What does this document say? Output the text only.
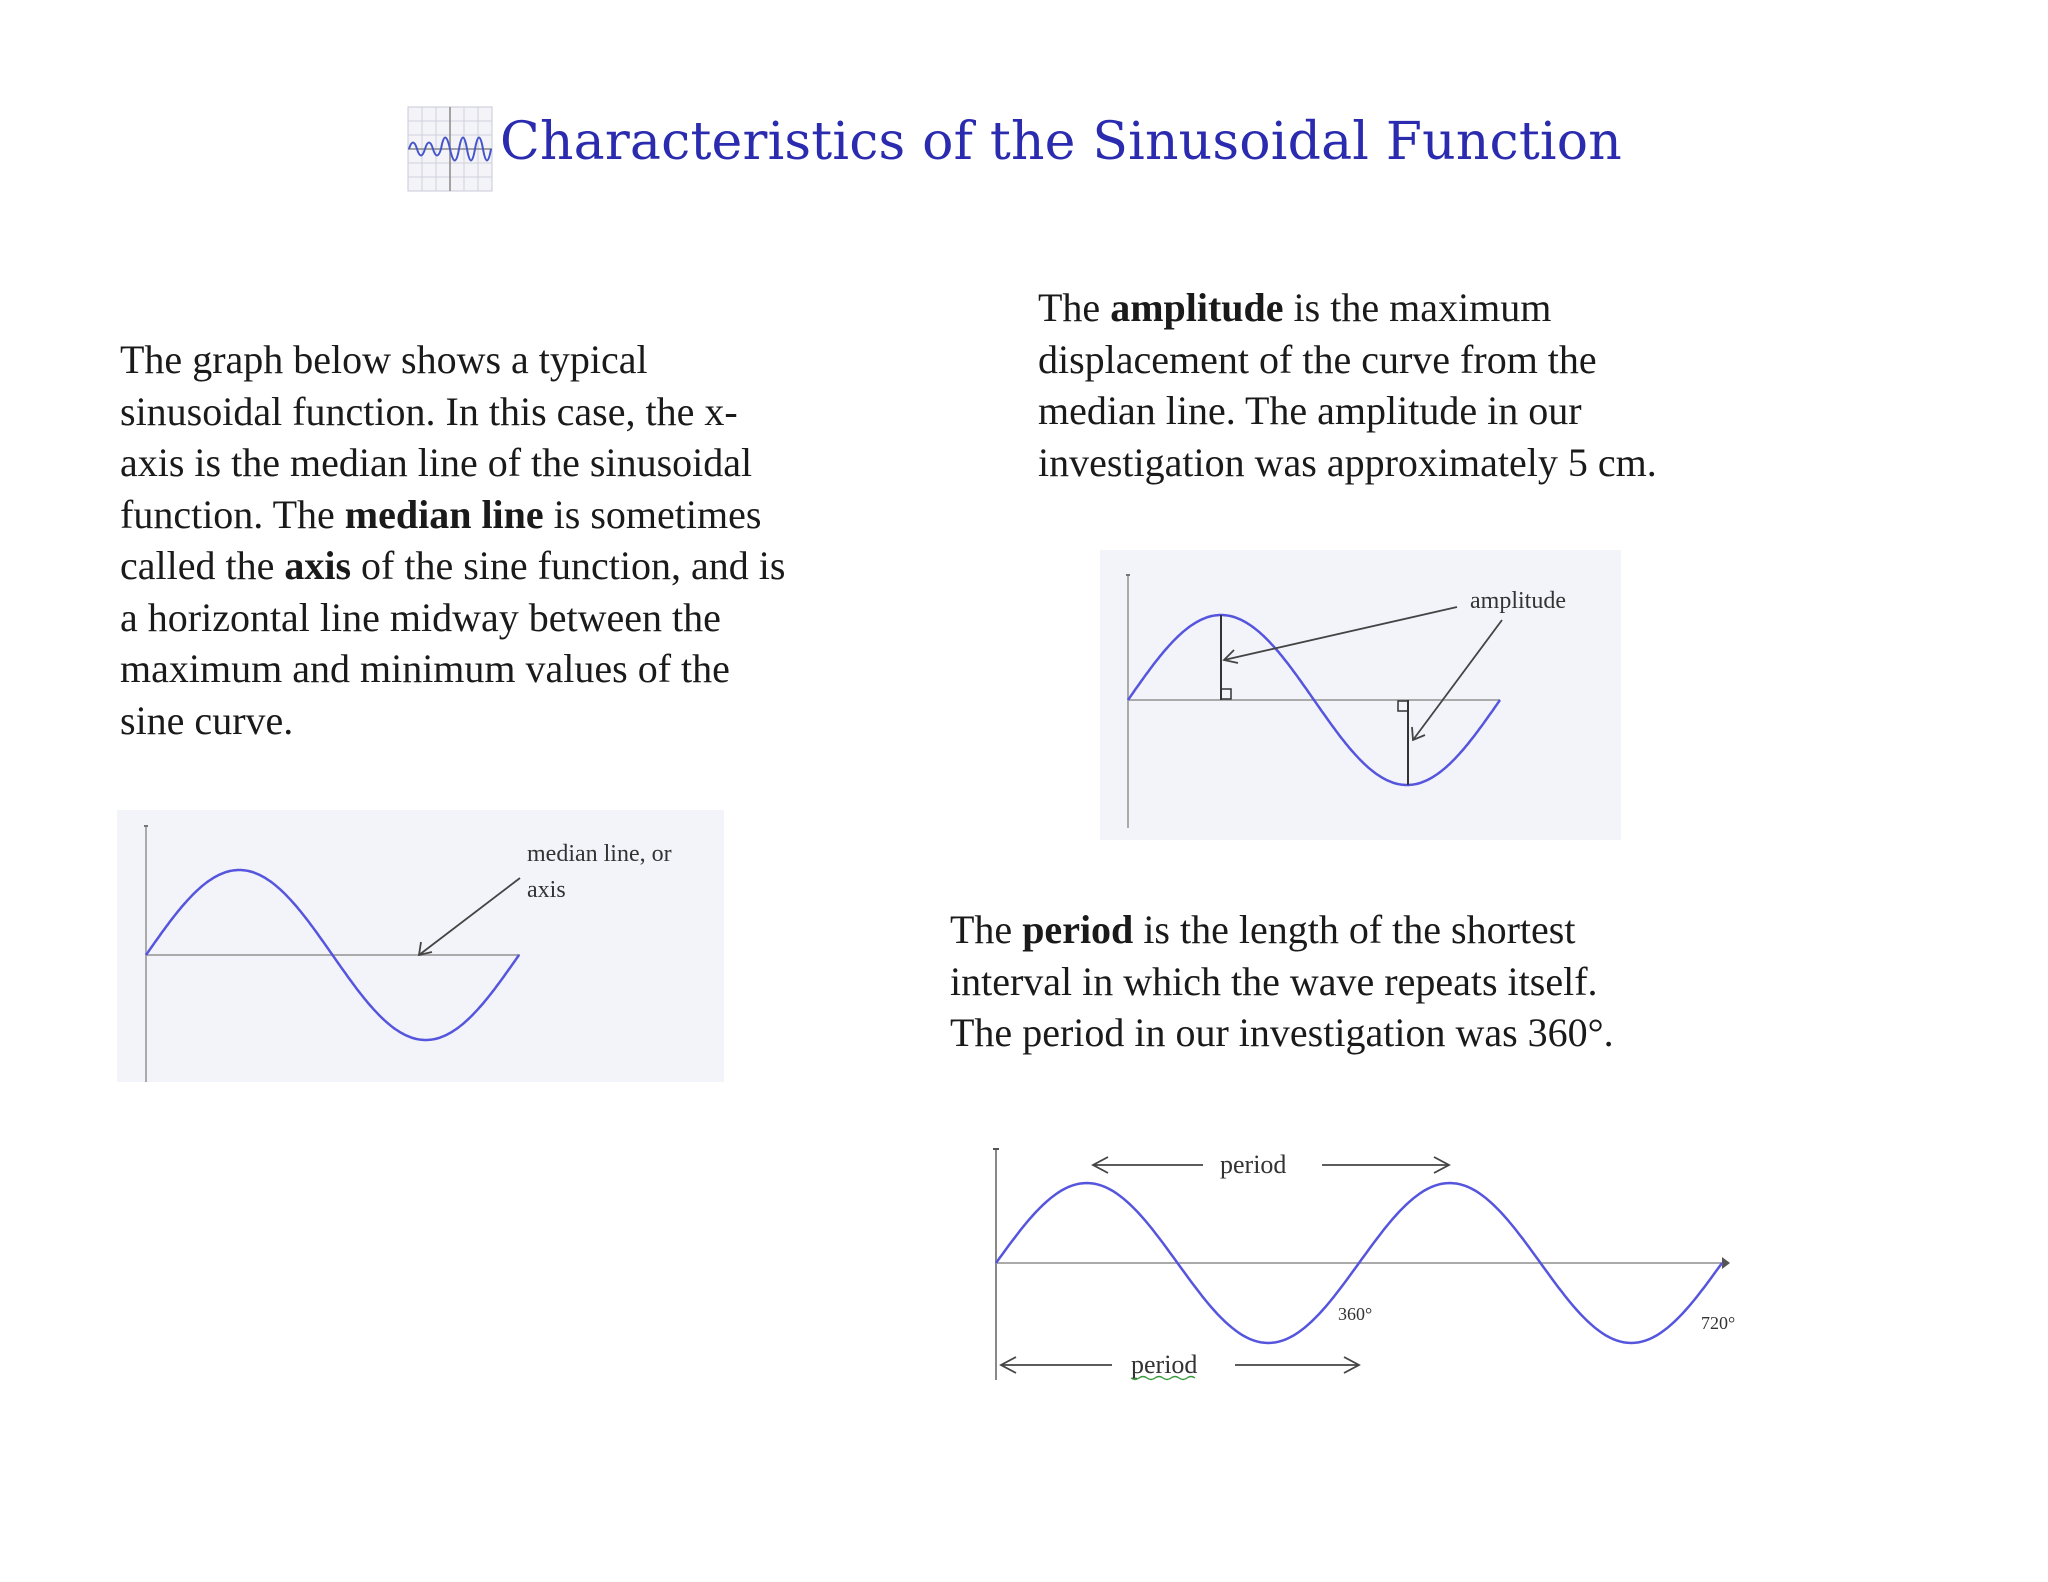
Characteristics of the Sinusoidal Function
The graph below shows a typical
sinusoidal function. In this case, the x-
axis is the median line of the sinusoidal
function. The median line is sometimes
called the axis of the sine function, and is
a horizontal line midway between the
maximum and minimum values of the
sine curve.
median line, or
axis
The amplitude is the maximum
displacement of the curve from the
median line. The amplitude in our
investigation was approximately 5 cm.
amplitude
The period is the length of the shortest
interval in which the wave repeats itself.
The period in our investigation was 360°.
period
period
360°	720°
